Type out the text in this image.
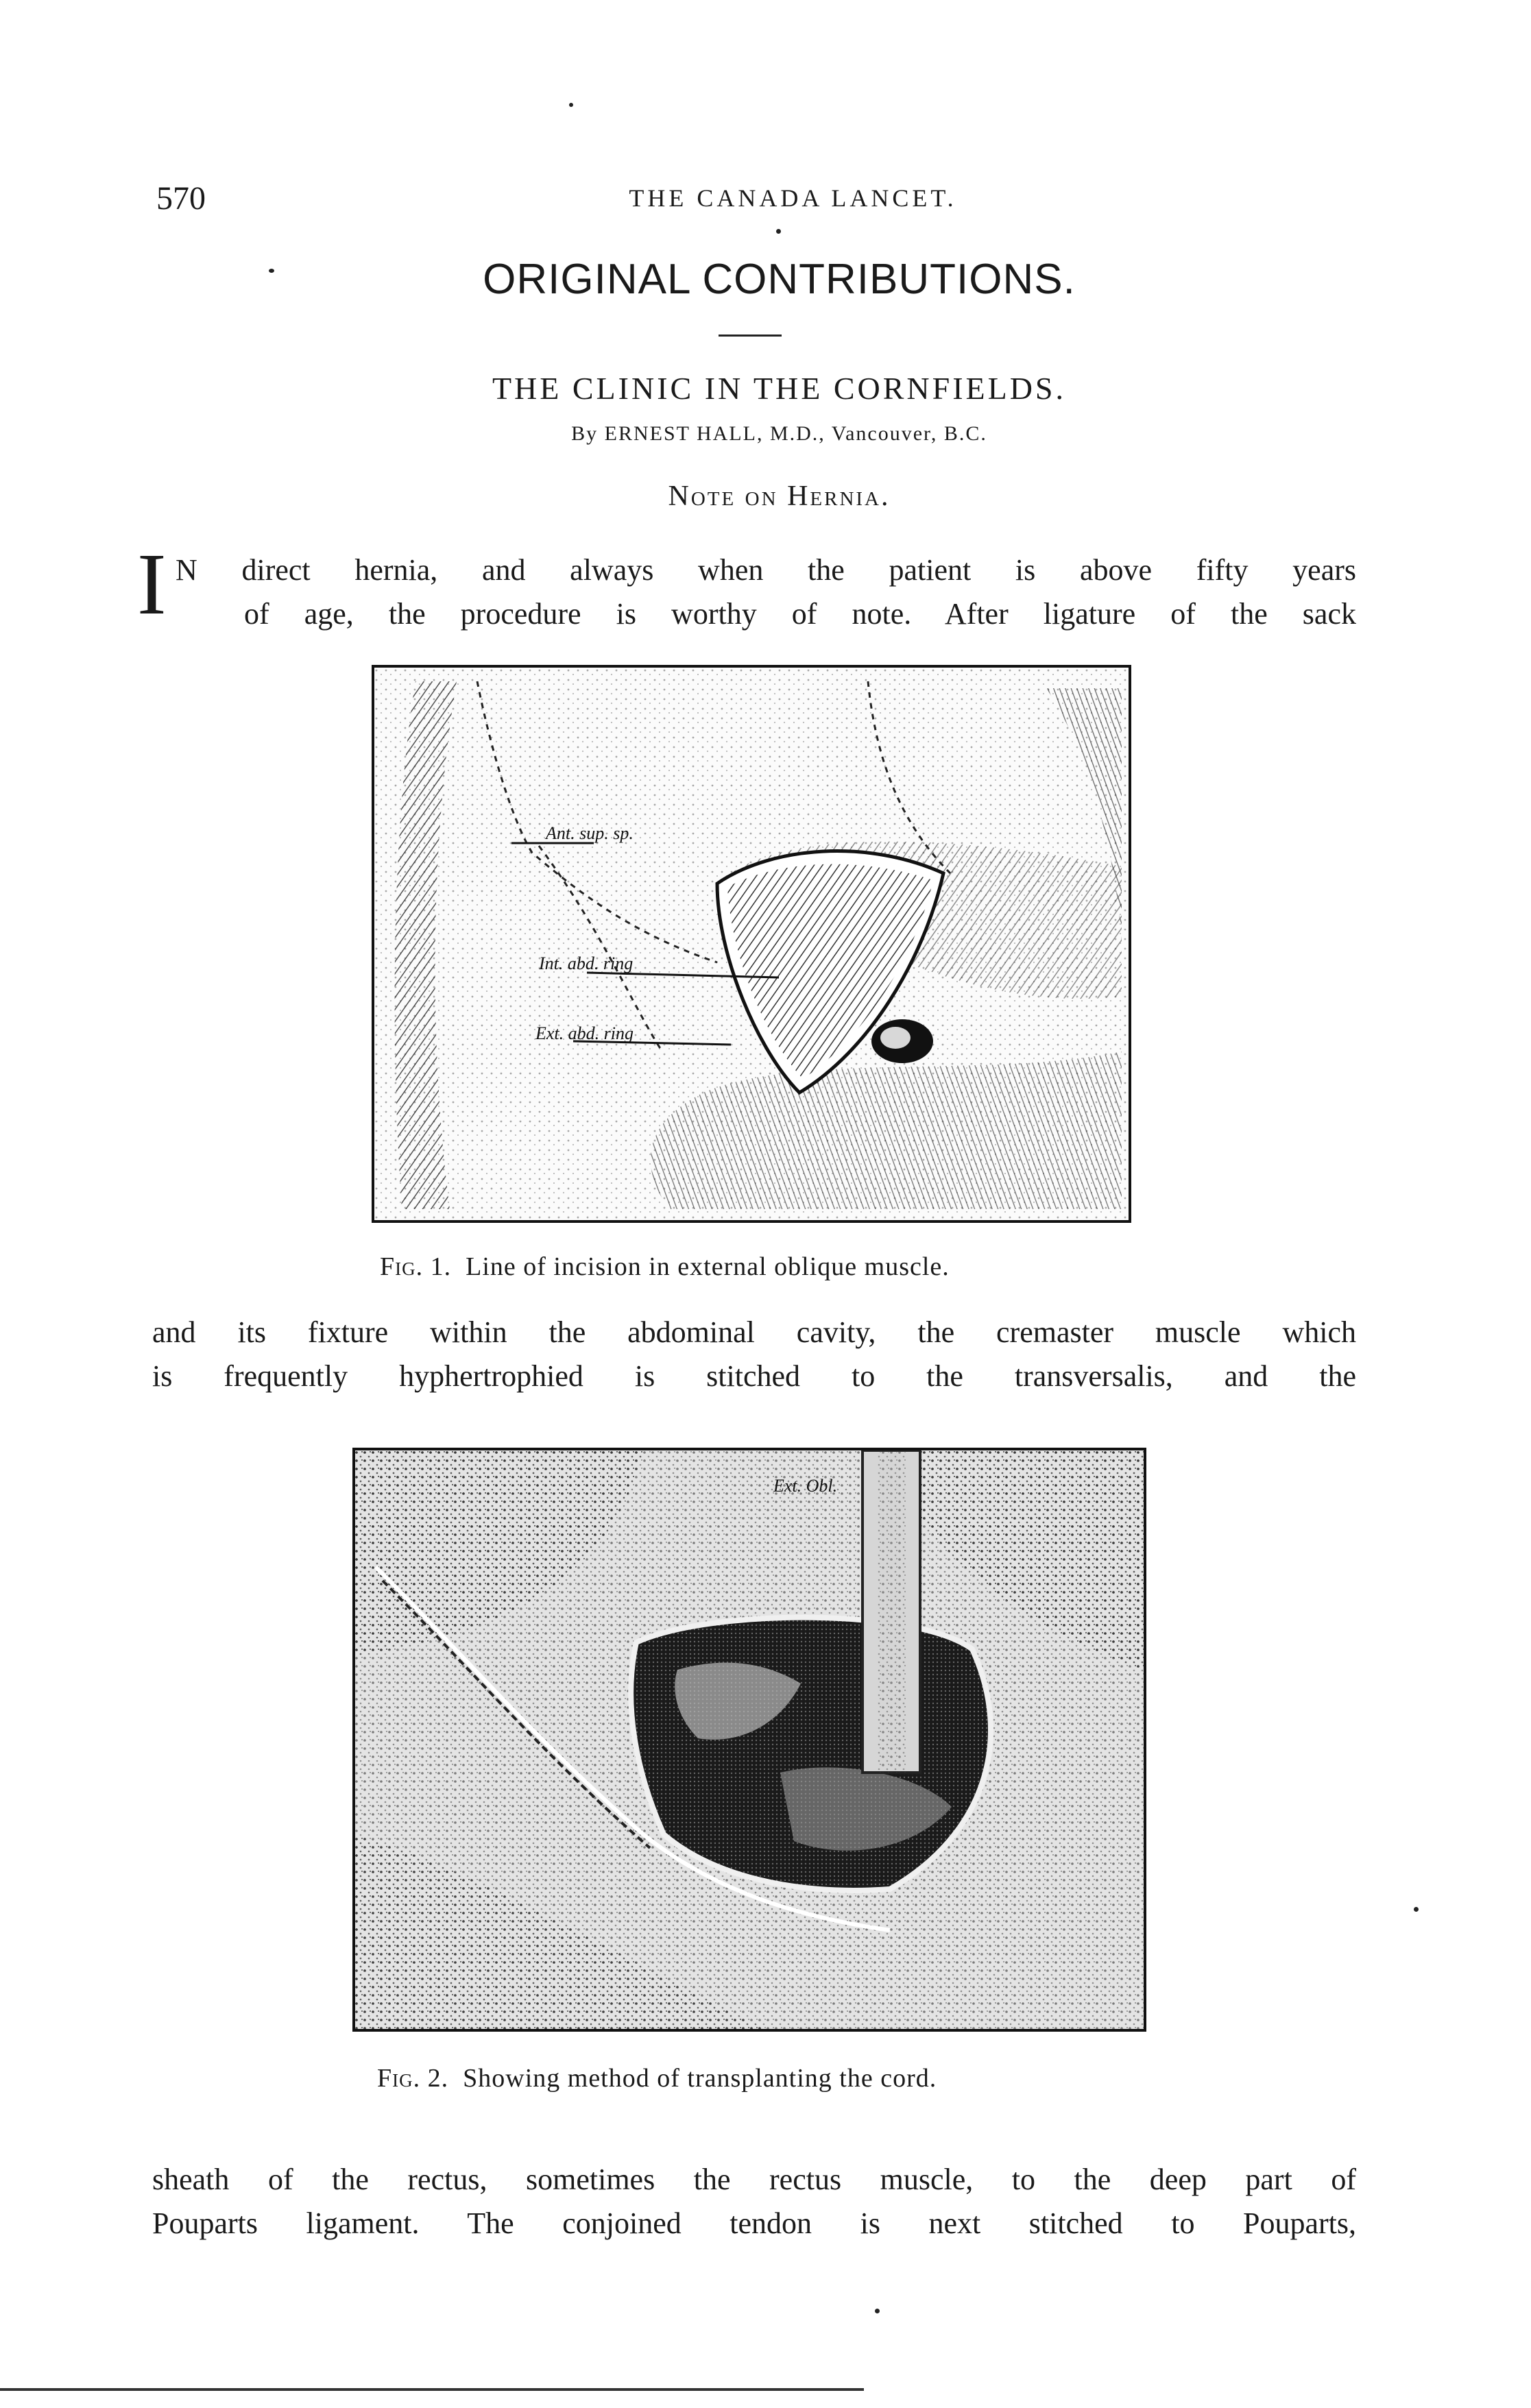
570	THE CANADA LANCET.
ORIGINAL CONTRIBUTIONS.
THE CLINIC IN THE CORNFIELDS.
By ERNEST HALL, M.D., Vancouver, B.C.
Note on Hernia.
I N direct hernia, and always when the patient is above fifty years
of age, the procedure is worthy of note. After ligature of the sack
Ant. sup. sp.
Int. abd. ring
Ext. abd. ring
Fig. 1. Line of incision in external oblique muscle.
and its fixture within the abdominal cavity, the cremaster muscle which
is frequently hyphertrophied is stitched to the transversalis, and the
Ext. Obl.
Fig. 2. Showing method of transplanting the cord.
sheath of the rectus, sometimes the rectus muscle, to the deep part of
Pouparts ligament. The conjoined tendon is next stitched to Pouparts,
